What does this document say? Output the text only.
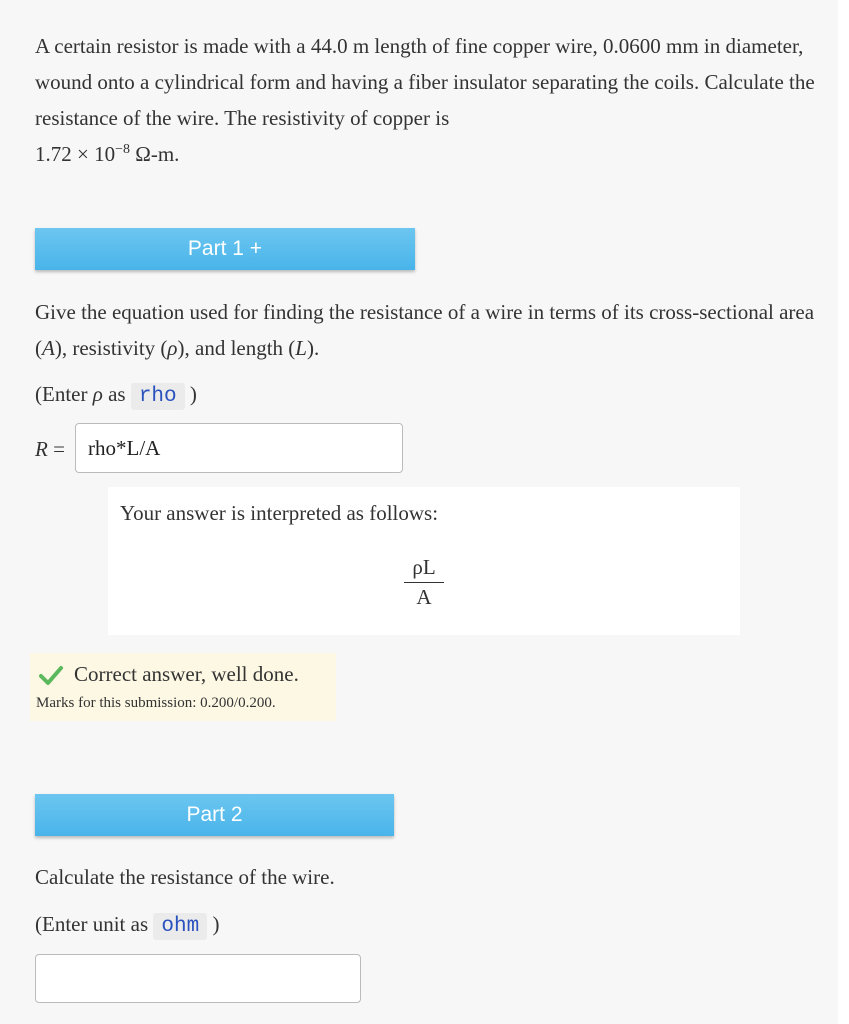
A certain resistor is made with a 44.0 m length of fine copper wire, 0.0600 mm in diameter, wound onto a cylindrical form and having a fiber insulator separating the coils. Calculate the resistance of the wire. The resistivity of copper is
$1.72 \times 10^{-8}$ Ω-m.
Part 1 +
Give the equation used for finding the resistance of a wire in terms of its cross-sectional area (A), resistivity (ρ), and length (L).
(Enter ρ as rho )
R = rho*L/A
Your answer is interpreted as follows:
$\frac{\rho L}{A}$
Correct answer, well done.
Marks for this submission: 0.200/0.200.
Part 2
Calculate the resistance of the wire.
(Enter unit as ohm )
